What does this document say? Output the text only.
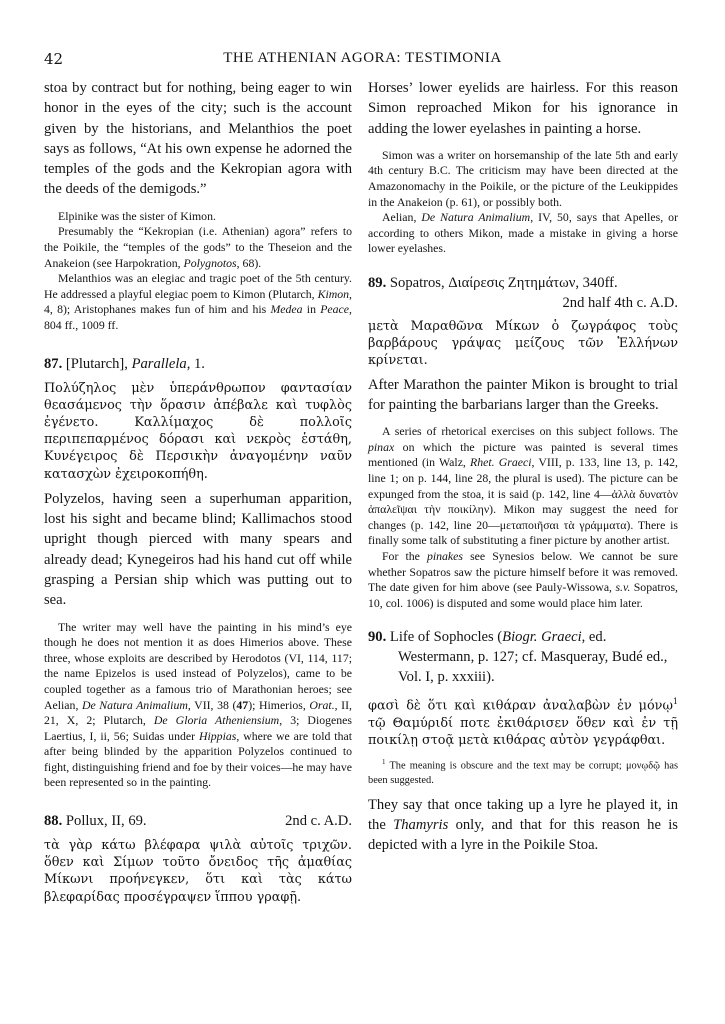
42	THE ATHENIAN AGORA: TESTIMONIA

stoa by contract but for nothing, being eager to win honor in the eyes of the city; such is the account given by the historians, and Melanthios the poet says as follows, “At his own expense he adorned the temples of the gods and the Kekropian agora with the deeds of the demigods.”

Elpinike was the sister of Kimon.

Presumably the “Kekropian (i.e. Athenian) agora” refers to the Poikile, the “temples of the gods” to the Theseion and the Anakeion (see Harpokration, Polygnotos, 68).

Melanthios was an elegiac and tragic poet of the 5th century. He addressed a playful elegiac poem to Kimon (Plutarch, Kimon, 4, 8); Aristophanes makes fun of him and his Medea in Peace, 804 ff., 1009 ff.

87. [Plutarch], Parallela, 1.

Πολύζηλος μὲν ὑπεράνθρωπον φαντασίαν θεασάμενος τὴν ὅρασιν ἀπέβαλε καὶ τυφλὸς ἐγένετο. Καλλίμαχος δὲ πολλοῖς περιπεπαρμένος δόρασι καὶ νεκρὸς ἑστάθη, Κυνέγειρος δὲ Περσικὴν ἀναγομένην ναῦν κατασχὼν ἐχειροκοπήθη.

Polyzelos, having seen a superhuman apparition, lost his sight and became blind; Kallimachos stood upright though pierced with many spears and already dead; Kynegeiros had his hand cut off while grasping a Persian ship which was putting out to sea.

The writer may well have the painting in his mind’s eye though he does not mention it as does Himerios above. These three, whose exploits are described by Herodotos (VI, 114, 117; the name Epizelos is used instead of Polyzelos), came to be coupled together as a famous trio of Marathonian heroes; see Aelian, De Natura Animalium, VII, 38 (47); Himerios, Orat., II, 21, X, 2; Plutarch, De Gloria Atheniensium, 3; Diogenes Laertius, I, ii, 56; Suidas under Hippias, where we are told that after being blinded by the apparition Polyzelos continued to fight, distinguishing friend and foe by their voices—he may have been represented so in the painting.

88. Pollux, II, 69.	2nd c. A.D.

τὰ γὰρ κάτω βλέφαρα ψιλὰ αὐτοῖς τριχῶν. ὅθεν καὶ Σίμων τοῦτο ὄνειδος τῆς ἀμαθίας Μίκωνι προήνεγκεν, ὅτι καὶ τὰς κάτω βλεφαρίδας προσέγραψεν ἵππου γραφῇ.

Horses’ lower eyelids are hairless. For this reason Simon reproached Mikon for his ignorance in adding the lower eyelashes in painting a horse.

Simon was a writer on horsemanship of the late 5th and early 4th century B.C. The criticism may have been directed at the Amazonomachy in the Poikile, or the picture of the Leukippides in the Anakeion (p. 61), or possibly both.

Aelian, De Natura Animalium, IV, 50, says that Apelles, or according to others Mikon, made a mistake in giving a horse lower eyelashes.

89. Sopatros, Διαίρεσις Ζητημάτων, 340ff.

2nd half 4th c. A.D.

μετὰ Μαραθῶνα Μίκων ὁ ζωγράφος τοὺς βαρβάρους γράψας μείζους τῶν Ἑλλήνων κρίνεται.

After Marathon the painter Mikon is brought to trial for painting the barbarians larger than the Greeks.

A series of rhetorical exercises on this subject follows. The pinax on which the picture was painted is several times mentioned (in Walz, Rhet. Graeci, VIII, p. 133, line 13, p. 142, line 1; on p. 144, line 28, the plural is used). The picture can be expunged from the stoa, it is said (p. 142, line 4—ἀλλὰ δυνατὸν ἀπαλεῖψαι τὴν ποικίλην). Mikon may suggest the need for changes (p. 142, line 20—μεταποιῆσαι τὰ γράμματα). There is finally some talk of substituting a finer picture by another artist.

For the pinakes see Synesios below. We cannot be sure whether Sopatros saw the picture himself before it was removed. The date given for him above (see Pauly-Wissowa, s.v. Sopatros, 10, col. 1006) is disputed and some would place him later.

90. Life of Sophocles (Biogr. Graeci, ed. Westermann, p. 127; cf. Masqueray, Budé ed., Vol. I, p. xxxiii).

φασὶ δὲ ὅτι καὶ κιθάραν ἀναλαβὼν ἐν μόνῳ$^1$ τῷ Θαμύριδί ποτε ἐκιθάρισεν ὅθεν καὶ ἐν τῇ ποικίλῃ στοᾷ μετὰ κιθάρας αὐτὸν γεγράφθαι.

$^1$ The meaning is obscure and the text may be corrupt; μονῳδῷ has been suggested.

They say that once taking up a lyre he played it, in the Thamyris only, and that for this reason he is depicted with a lyre in the Poikile Stoa.
